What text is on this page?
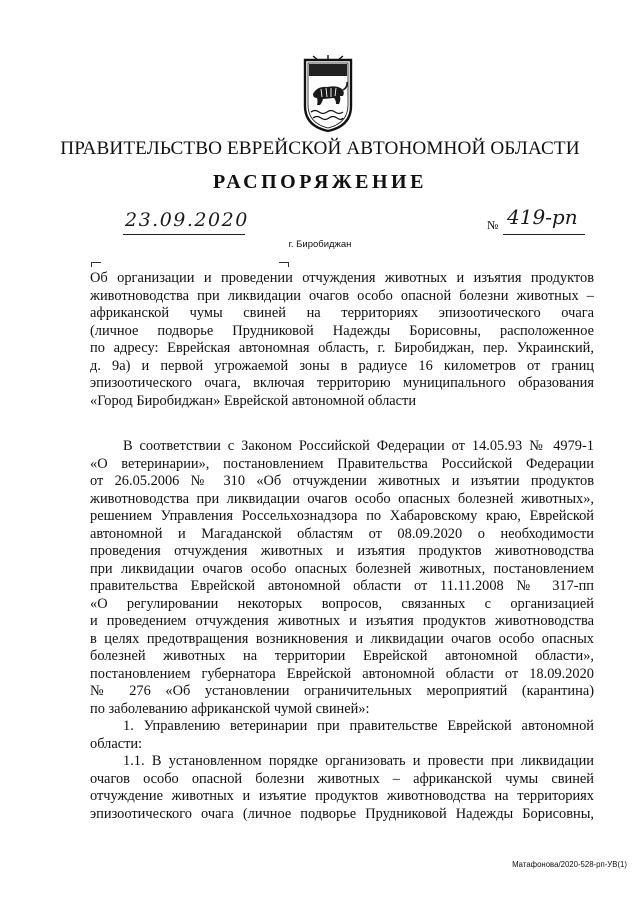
ПРАВИТЕЛЬСТВО ЕВРЕЙСКОЙ АВТОНОМНОЙ ОБЛАСТИ
РАСПОРЯЖЕНИЕ
23.09.2020	№ 419-рп
г. Биробиджан
Об организации и проведении отчуждения животных и изъятия продуктов
животноводства при ликвидации очагов особо опасной болезни животных –
африканской чумы свиней на территориях эпизоотического очага
(личное подворье Прудниковой Надежды Борисовны, расположенное
по адресу: Еврейская автономная область, г. Биробиджан, пер. Украинский,
д. 9а) и первой угрожаемой зоны в радиусе 16 километров от границ
эпизоотического очага, включая территорию муниципального образования
«Город Биробиджан» Еврейской автономной области
В соответствии с Законом Российской Федерации от 14.05.93 № 4979-1
«О ветеринарии», постановлением Правительства Российской Федерации
от 26.05.2006 № 310 «Об отчуждении животных и изъятии продуктов
животноводства при ликвидации очагов особо опасных болезней животных»,
решением Управления Россельхознадзора по Хабаровскому краю, Еврейской
автономной и Магаданской областям от 08.09.2020 о необходимости
проведения отчуждения животных и изъятия продуктов животноводства
при ликвидации очагов особо опасных болезней животных, постановлением
правительства Еврейской автономной области от 11.11.2008 № 317-пп
«О регулировании некоторых вопросов, связанных с организацией
и проведением отчуждения животных и изъятия продуктов животноводства
в целях предотвращения возникновения и ликвидации очагов особо опасных
болезней животных на территории Еврейской автономной области»,
постановлением губернатора Еврейской автономной области от 18.09.2020
№ 276 «Об установлении ограничительных мероприятий (карантина)
по заболеванию африканской чумой свиней»:
1. Управлению ветеринарии при правительстве Еврейской автономной
области:
1.1. В установленном порядке организовать и провести при ликвидации
очагов особо опасной болезни животных – африканской чумы свиней
отчуждение животных и изъятие продуктов животноводства на территориях
эпизоотического очага (личное подворье Прудниковой Надежды Борисовны,
Матафонова/2020-528-рп-УВ(1)
